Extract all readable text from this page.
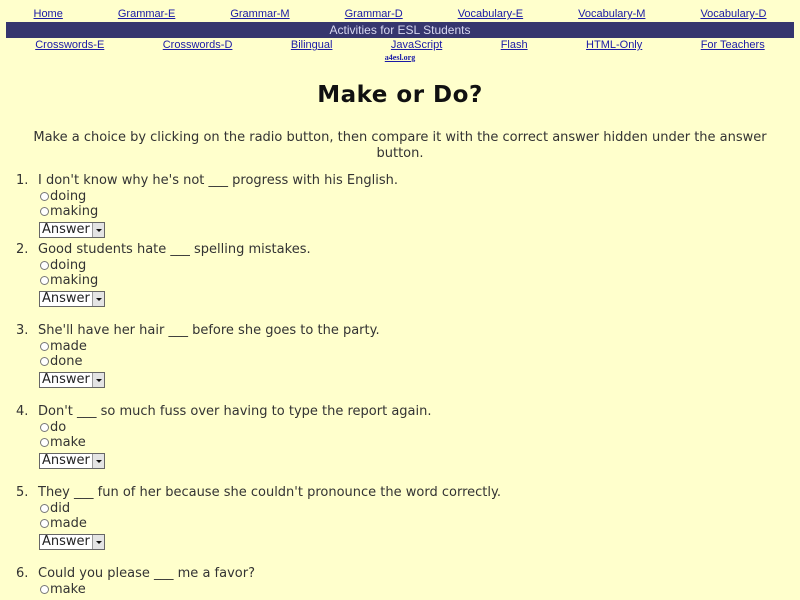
Home	Grammar-E	Grammar-M	Grammar-D	Vocabulary-E	Vocabulary-M	Vocabulary-D
Activities for ESL Students
Crosswords-E	Crosswords-D	Bilingual	JavaScript	Flash	HTML-Only	For Teachers
a4esl.org
Make or Do?
Make a choice by clicking on the radio button, then compare it with the correct answer hidden under the answer button.
1. I don't know why he's not ___ progress with his English.
doing
making
Answer
2. Good students hate ___ spelling mistakes.
doing
making
Answer
3. She'll have her hair ___ before she goes to the party.
made
done
Answer
4. Don't ___ so much fuss over having to type the report again.
do
make
Answer
5. They ___ fun of her because she couldn't pronounce the word correctly.
did
made
Answer
6. Could you please ___ me a favor?
make
